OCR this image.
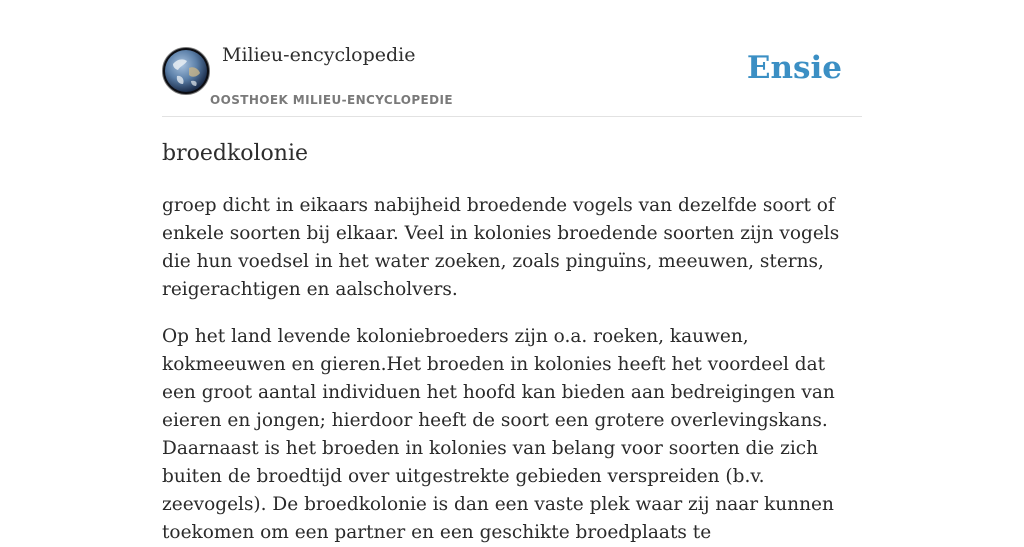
Milieu-encyclopedie
OOSTHOEK MILIEU-ENCYCLOPEDIE
Ensie
broedkolonie

groep dicht in eikaars nabijheid broedende vogels van dezelfde soort of enkele soorten bij elkaar. Veel in kolonies broedende soorten zijn vogels die hun voedsel in het water zoeken, zoals pinguïns, meeuwen, sterns, reigerachtigen en aalscholvers.

Op het land levende koloniebroeders zijn o.a. roeken, kauwen, kokmeeuwen en gieren.Het broeden in kolonies heeft het voordeel dat een groot aantal individuen het hoofd kan bieden aan bedreigingen van eieren en jongen; hierdoor heeft de soort een grotere overlevingskans. Daarnaast is het broeden in kolonies van belang voor soorten die zich buiten de broedtijd over uitgestrekte gebieden verspreiden (b.v. zeevogels). De broedkolonie is dan een vaste plek waar zij naar kunnen toekomen om een partner en een geschikte broedplaats te
